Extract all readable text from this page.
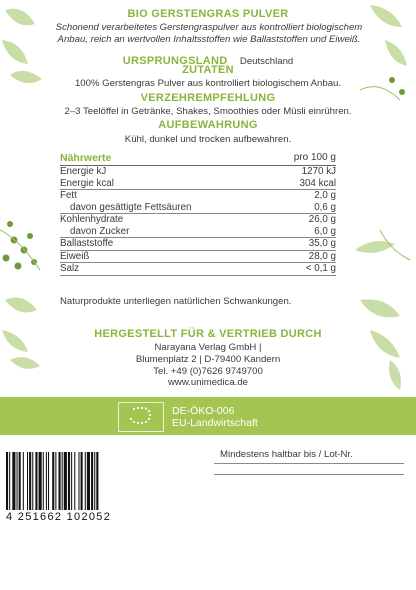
BIO GERSTENGRAS PULVER
Schonend verarbeitetes Gerstengraspulver aus kontrolliert biologischem Anbau, reich an wertvollen Inhaltsstoffen wie Ballaststoffen und Eiweiß.
URSPRUNGSLAND Deutschland
ZUTATEN
100% Gerstengras Pulver aus kontrolliert biologischem Anbau.
VERZEHREMPFEHLUNG
2–3 Teelöffel in Getränke, Shakes, Smoothies oder Müsli einrühren.
AUFBEWAHRUNG
Kühl, dunkel und trocken aufbewahren.
Nährwerte	pro 100 g
Energie kJ	1270 kJ
Energie kcal	304 kcal
Fett	2,0 g
davon gesättigte Fettsäuren	0,6 g
Kohlenhydrate	26,0 g
davon Zucker	6,0 g
Ballaststoffe	35,0 g
Eiweiß	28,0 g
Salz	< 0,1 g
Naturprodukte unterliegen natürlichen Schwankungen.
HERGESTELLT FÜR & VERTRIEB DURCH
Narayana Verlag GmbH |
Blumenplatz 2 | D-79400 Kandern
Tel. +49 (0)7626 9749700
www.unimedica.de
DE-ÖKO-006
EU-Landwirtschaft
Mindestens haltbar bis / Lot-Nr.
4 251662 102052
